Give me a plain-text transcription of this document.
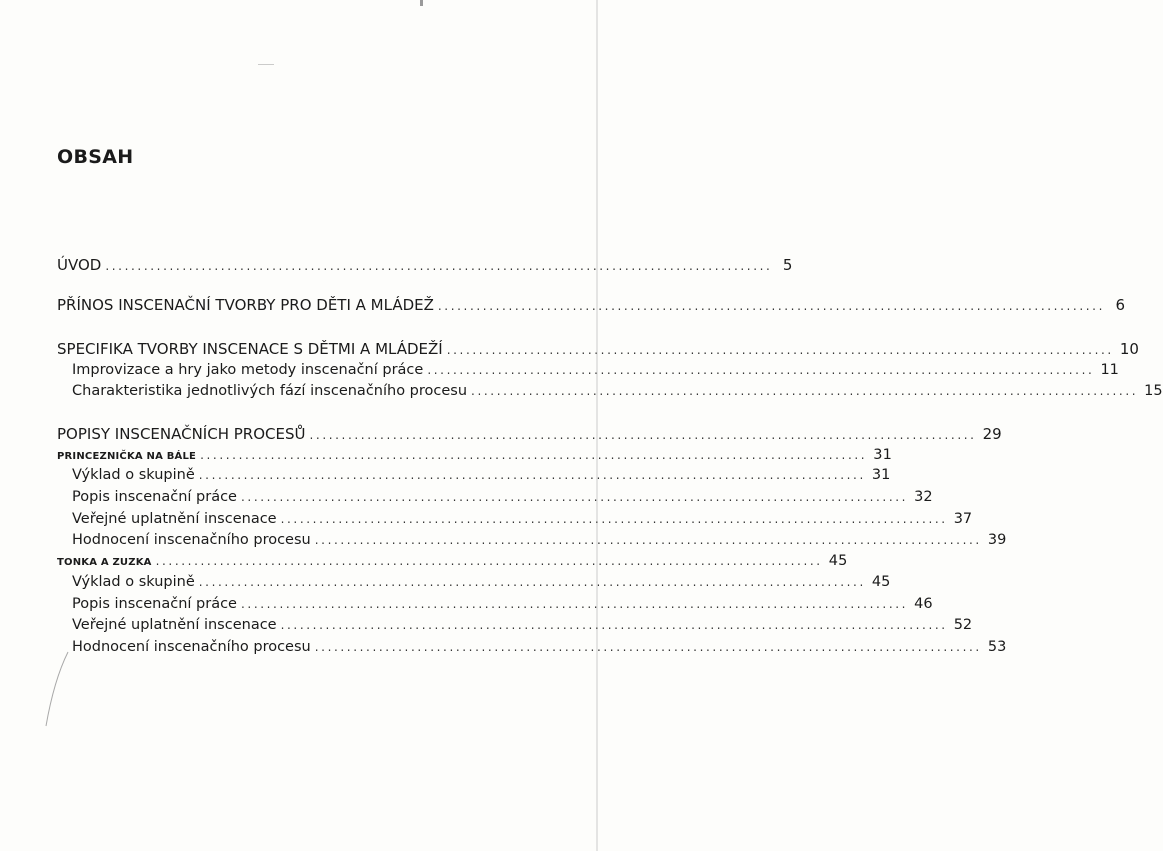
OBSAH
ÚVOD ........................................................................................................ 5
PŘÍNOS INSCENAČNÍ TVORBY PRO DĚTI A MLÁDEŽ ........................................................................................................ 6
SPECIFIKA TVORBY INSCENACE S DĚTMI A MLÁDEŽÍ ........................................................................................................ 10
Improvizace a hry jako metody inscenační práce ........................................................................................................ 11
Charakteristika jednotlivých fází inscenačního procesu ........................................................................................................ 15
POPISY INSCENAČNÍCH PROCESŮ ........................................................................................................ 29
PRINCEZNIČKA NA BÁLE ........................................................................................................ 31
Výklad o skupině ........................................................................................................ 31
Popis inscenační práce ........................................................................................................ 32
Veřejné uplatnění inscenace ........................................................................................................ 37
Hodnocení inscenačního procesu ........................................................................................................ 39
TONKA A ZUZKA ........................................................................................................ 45
Výklad o skupině ........................................................................................................ 45
Popis inscenační práce ........................................................................................................ 46
Veřejné uplatnění inscenace ........................................................................................................ 52
Hodnocení inscenačního procesu ........................................................................................................ 53
